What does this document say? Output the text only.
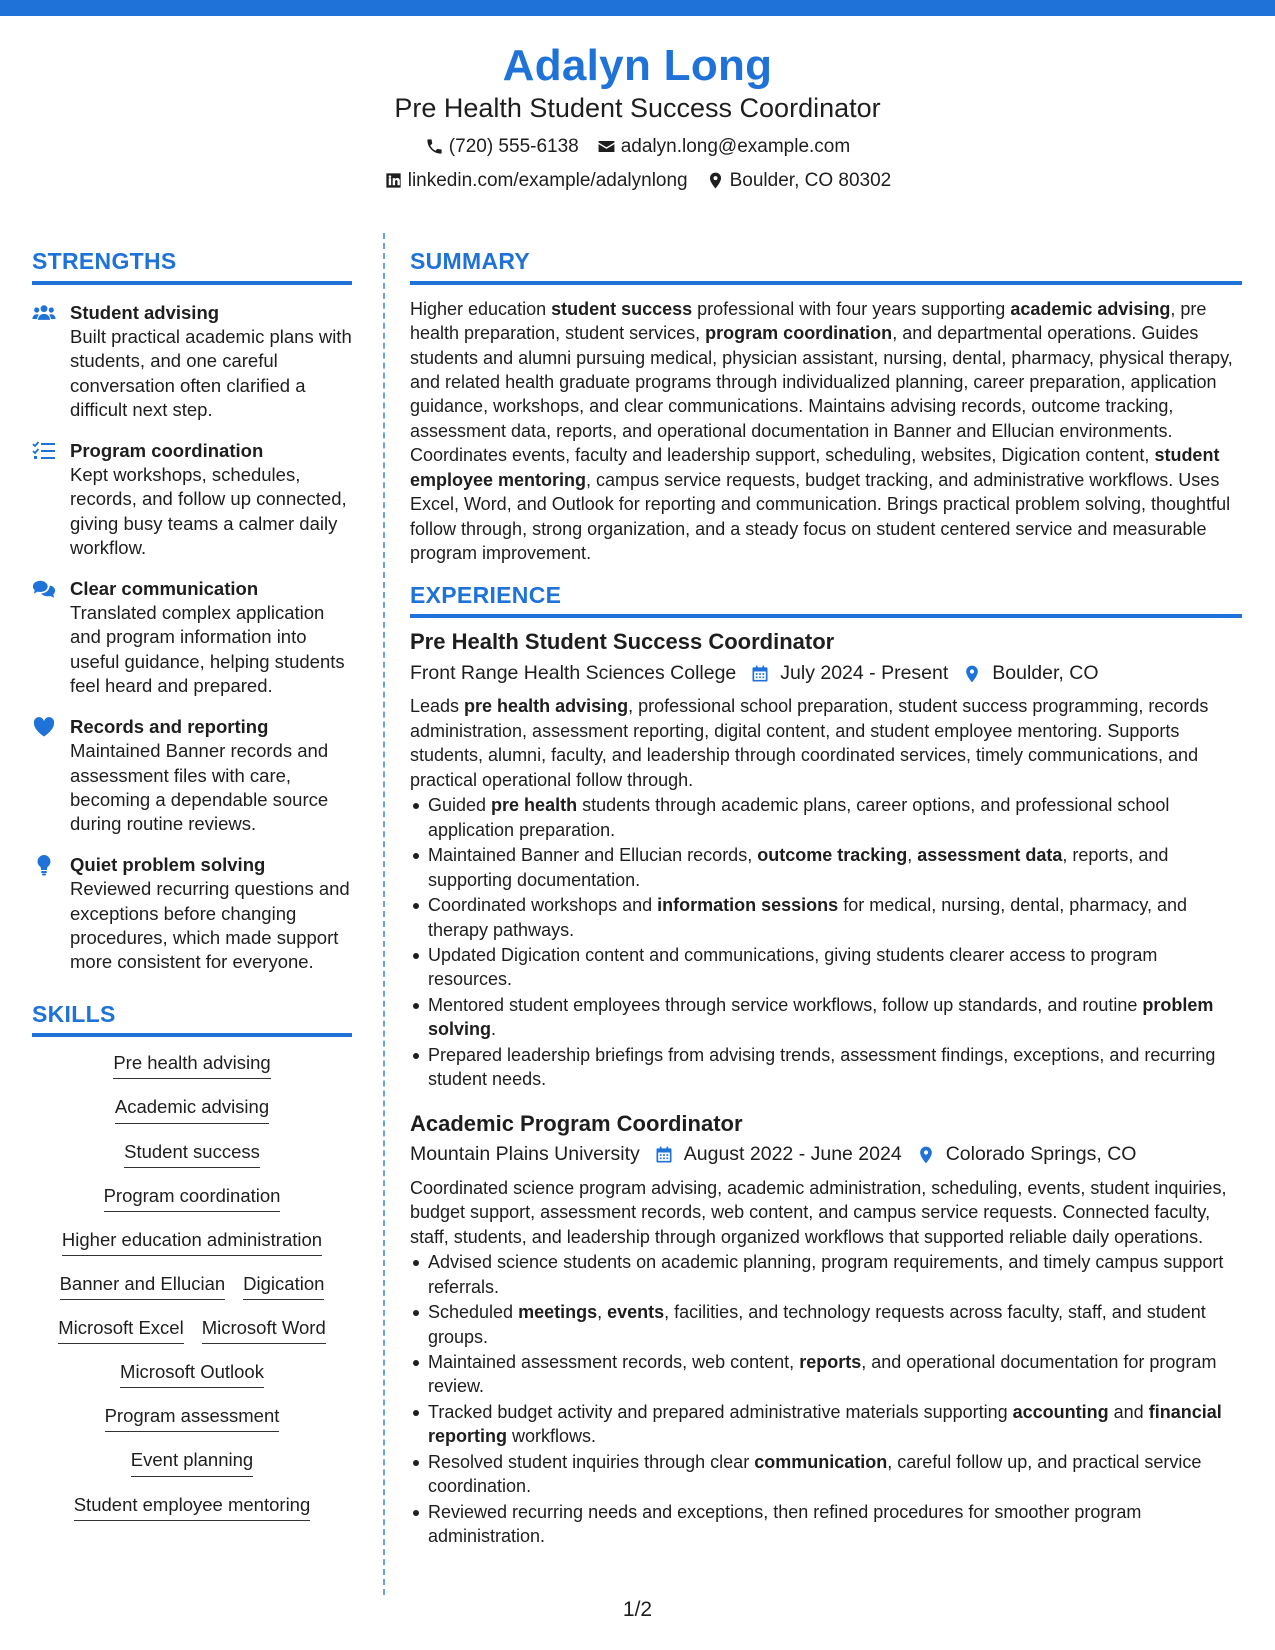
Adalyn Long
Pre Health Student Success Coordinator
(720) 555-6138 adalyn.long@example.com
linkedin.com/example/adalynlong Boulder, CO 80302
STRENGTHS
Student advising
Built practical academic plans with students, and one careful conversation often clarified a difficult next step.
Program coordination
Kept workshops, schedules, records, and follow up connected, giving busy teams a calmer daily workflow.
Clear communication
Translated complex application and program information into useful guidance, helping students feel heard and prepared.
Records and reporting
Maintained Banner records and assessment files with care, becoming a dependable source during routine reviews.
Quiet problem solving
Reviewed recurring questions and exceptions before changing procedures, which made support more consistent for everyone.
SKILLS
Pre health advising
Academic advising
Student success
Program coordination
Higher education administration
Banner and Ellucian Digication
Microsoft Excel Microsoft Word
Microsoft Outlook
Program assessment
Event planning
Student employee mentoring
SUMMARY

Higher education student success professional with four years supporting academic advising, pre health preparation, student services, program coordination, and departmental operations. Guides students and alumni pursuing medical, physician assistant, nursing, dental, pharmacy, physical therapy, and related health graduate programs through individualized planning, career preparation, application guidance, workshops, and clear communications. Maintains advising records, outcome tracking, assessment data, reports, and operational documentation in Banner and Ellucian environments. Coordinates events, faculty and leadership support, scheduling, websites, Digication content, student employee mentoring, campus service requests, budget tracking, and administrative workflows. Uses Excel, Word, and Outlook for reporting and communication. Brings practical problem solving, thoughtful follow through, strong organization, and a steady focus on student centered service and measurable program improvement.

EXPERIENCE
Pre Health Student Success Coordinator
Front Range Health Sciences College July 2024 - Present Boulder, CO

Leads pre health advising, professional school preparation, student success programming, records administration, assessment reporting, digital content, and student employee mentoring. Supports students, alumni, faculty, and leadership through coordinated services, timely communications, and practical operational follow through.

Guided pre health students through academic plans, career options, and professional school application preparation.
Maintained Banner and Ellucian records, outcome tracking, assessment data, reports, and supporting documentation.
Coordinated workshops and information sessions for medical, nursing, dental, pharmacy, and therapy pathways.
Updated Digication content and communications, giving students clearer access to program resources.
Mentored student employees through service workflows, follow up standards, and routine problem solving.
Prepared leadership briefings from advising trends, assessment findings, exceptions, and recurring student needs.
Academic Program Coordinator
Mountain Plains University August 2022 - June 2024 Colorado Springs, CO

Coordinated science program advising, academic administration, scheduling, events, student inquiries, budget support, assessment records, web content, and campus service requests. Connected faculty, staff, students, and leadership through organized workflows that supported reliable daily operations.

Advised science students on academic planning, program requirements, and timely campus support referrals.
Scheduled meetings, events, facilities, and technology requests across faculty, staff, and student groups.
Maintained assessment records, web content, reports, and operational documentation for program review.
Tracked budget activity and prepared administrative materials supporting accounting and financial reporting workflows.
Resolved student inquiries through clear communication, careful follow up, and practical service coordination.
Reviewed recurring needs and exceptions, then refined procedures for smoother program administration.
1/2
